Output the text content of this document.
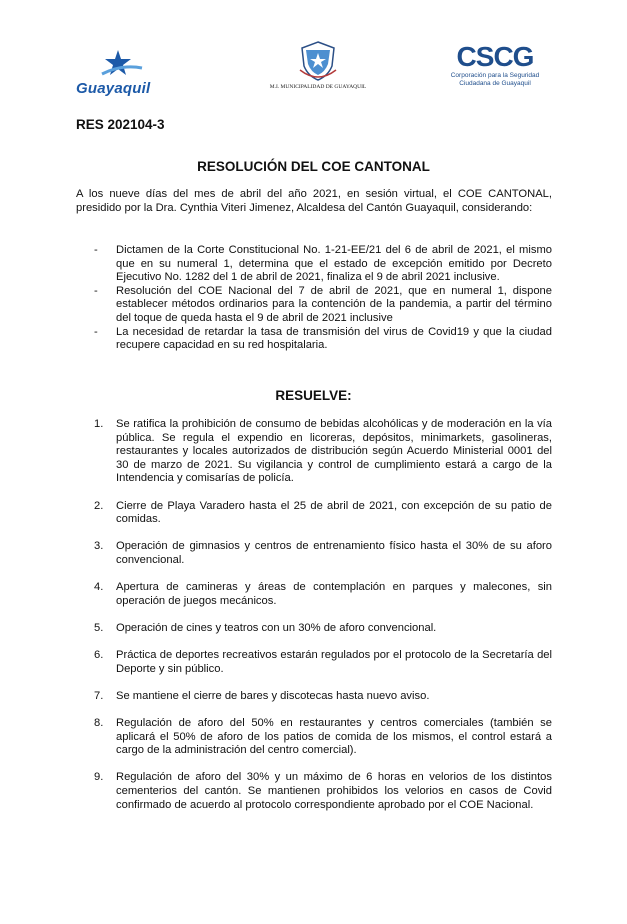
Guayaquil	M.I. MUNICIPALIDAD DE GUAYAQUIL
CSCG
Corporación para la Seguridad
Ciudadana de Guayaquil
RES 202104-3
RESOLUCIÓN DEL COE CANTONAL
A los nueve días del mes de abril del año 2021, en sesión virtual, el COE CANTONAL, presidido por la Dra. Cynthia Viteri Jimenez, Alcaldesa del Cantón Guayaquil, considerando:
- Dictamen de la Corte Constitucional No. 1-21-EE/21 del 6 de abril de 2021, el mismo que en su numeral 1, determina que el estado de excepción emitido por Decreto Ejecutivo No. 1282 del 1 de abril de 2021, finaliza el 9 de abril 2021 inclusive.
- Resolución del COE Nacional del 7 de abril de 2021, que en numeral 1, dispone establecer métodos ordinarios para la contención de la pandemia, a partir del término del toque de queda hasta el 9 de abril de 2021 inclusive
- La necesidad de retardar la tasa de transmisión del virus de Covid19 y que la ciudad recupere capacidad en su red hospitalaria.
RESUELVE:
1. Se ratifica la prohibición de consumo de bebidas alcohólicas y de moderación en la vía pública. Se regula el expendio en licoreras, depósitos, minimarkets, gasolineras, restaurantes y locales autorizados de distribución según Acuerdo Ministerial 0001 del 30 de marzo de 2021. Su vigilancia y control de cumplimiento estará a cargo de la Intendencia y comisarías de policía.
2. Cierre de Playa Varadero hasta el 25 de abril de 2021, con excepción de su patio de comidas.
3. Operación de gimnasios y centros de entrenamiento físico hasta el 30% de su aforo convencional.
4. Apertura de camineras y áreas de contemplación en parques y malecones, sin operación de juegos mecánicos.
5. Operación de cines y teatros con un 30% de aforo convencional.
6. Práctica de deportes recreativos estarán regulados por el protocolo de la Secretaría del Deporte y sin público.
7. Se mantiene el cierre de bares y discotecas hasta nuevo aviso.
8. Regulación de aforo del 50% en restaurantes y centros comerciales (también se aplicará el 50% de aforo de los patios de comida de los mismos, el control estará a cargo de la administración del centro comercial).
9. Regulación de aforo del 30% y un máximo de 6 horas en velorios de los distintos cementerios del cantón. Se mantienen prohibidos los velorios en casos de Covid confirmado de acuerdo al protocolo correspondiente aprobado por el COE Nacional.
